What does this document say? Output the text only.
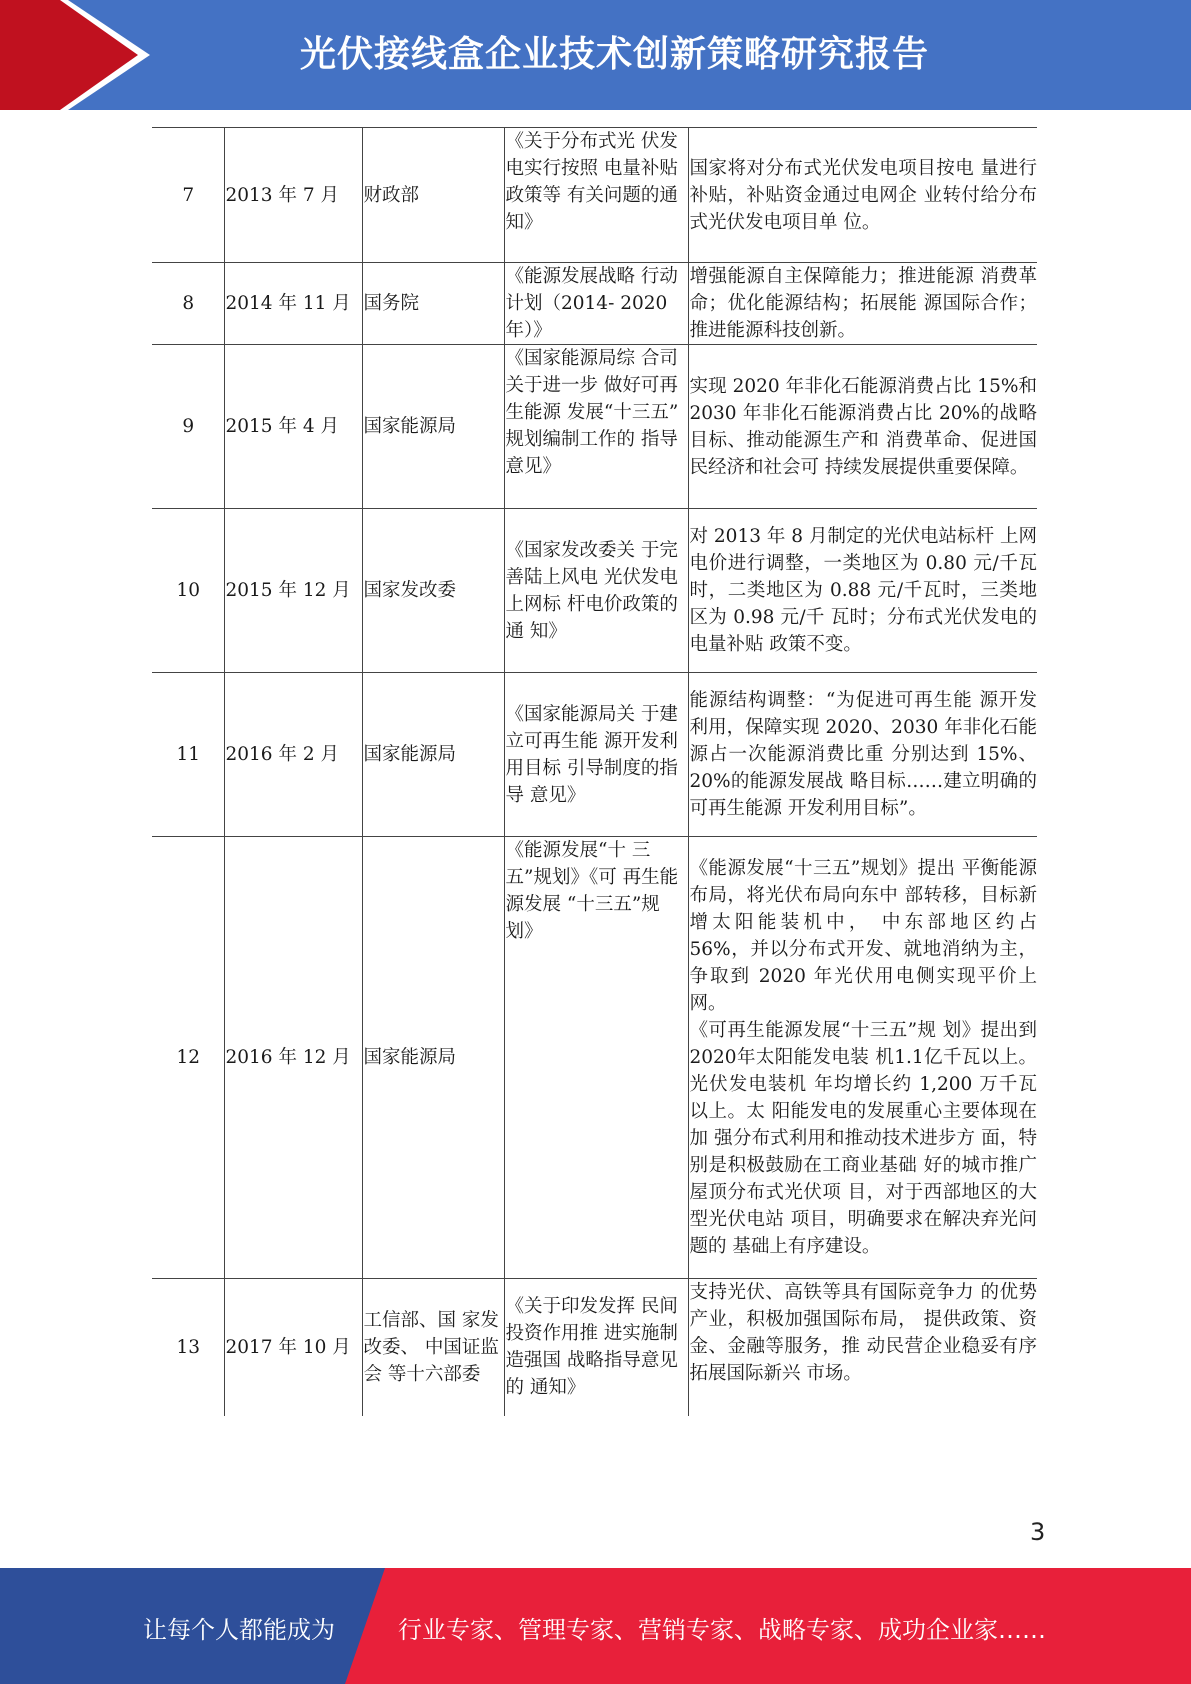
光伏接线盒企业技术创新策略研究报告
7	2013 年 7 月	财政部	《关于分布式光 伏发电实行按照 电量补贴政策等 有关问题的通 知》	国家将对分布式光伏发电项目按电 量进行补贴，补贴资金通过电网企 业转付给分布式光伏发电项目单 位。

8	2014 年 11 月	国务院	《能源发展战略 行动计划（2014- 2020 年）》	增强能源自主保障能力；推进能源 消费革命；优化能源结构；拓展能 源国际合作；推进能源科技创新。

9	2015 年 4 月	国家能源局	《国家能源局综 合司关于进一步 做好可再生能源 发展“十三五” 规划编制工作的 指导意见》	实现 2020 年非化石能源消费占比 15%和 2030 年非化石能源消费占比 20%的战略目标、推动能源生产和 消费革命、促进国民经济和社会可 持续发展提供重要保障。

10	2015 年 12 月	国家发改委	《国家发改委关 于完善陆上风电 光伏发电上网标 杆电价政策的通 知》	对 2013 年 8 月制定的光伏电站标杆 上网电价进行调整，一类地区为 0.80 元/千瓦时，二类地区为 0.88 元/千瓦时，三类地区为 0.98 元/千 瓦时；分布式光伏发电的电量补贴 政策不变。

11	2016 年 2 月	国家能源局	《国家能源局关 于建立可再生能 源开发利用目标 引导制度的指导 意见》	能源结构调整：“为促进可再生能 源开发利用，保障实现 2020、2030 年非化石能源占一次能源消费比重 分别达到 15%、20%的能源发展战 略目标……建立明确的可再生能源 开发利用目标”。

12	2016 年 12 月	国家能源局	《能源发展“十 三五”规划》《可 再生能源发展 “十三五”规划》	《能源发展“十三五”规划》提出 平衡能源布局，将光伏布局向东中 部转移，目标新增太阳能装机中， 中东部地区约占 56%，并以分布式开发、就地消纳为主，争取到 2020 年光伏用电侧实现平价上网。
《可再生能源发展“十三五”规 划》提出到2020年太阳能发电装 机1.1亿千瓦以上。光伏发电装机 年均增长约 1,200 万千瓦以上。太 阳能发电的发展重心主要体现在加 强分布式利用和推动技术进步方 面，特别是积极鼓励在工商业基础 好的城市推广屋顶分布式光伏项 目，对于西部地区的大型光伏电站 项目，明确要求在解决弃光问题的 基础上有序建设。

13	2017 年 10 月	工信部、国 家发改委、 中国证监会 等十六部委	《关于印发发挥 民间投资作用推 进实施制造强国 战略指导意见的 通知》	支持光伏、高铁等具有国际竞争力 的优势产业，积极加强国际布局， 提供政策、资金、金融等服务，推 动民营企业稳妥有序拓展国际新兴 市场。
3
让每个人都能成为	行业专家、管理专家、营销专家、战略专家、成功企业家……
